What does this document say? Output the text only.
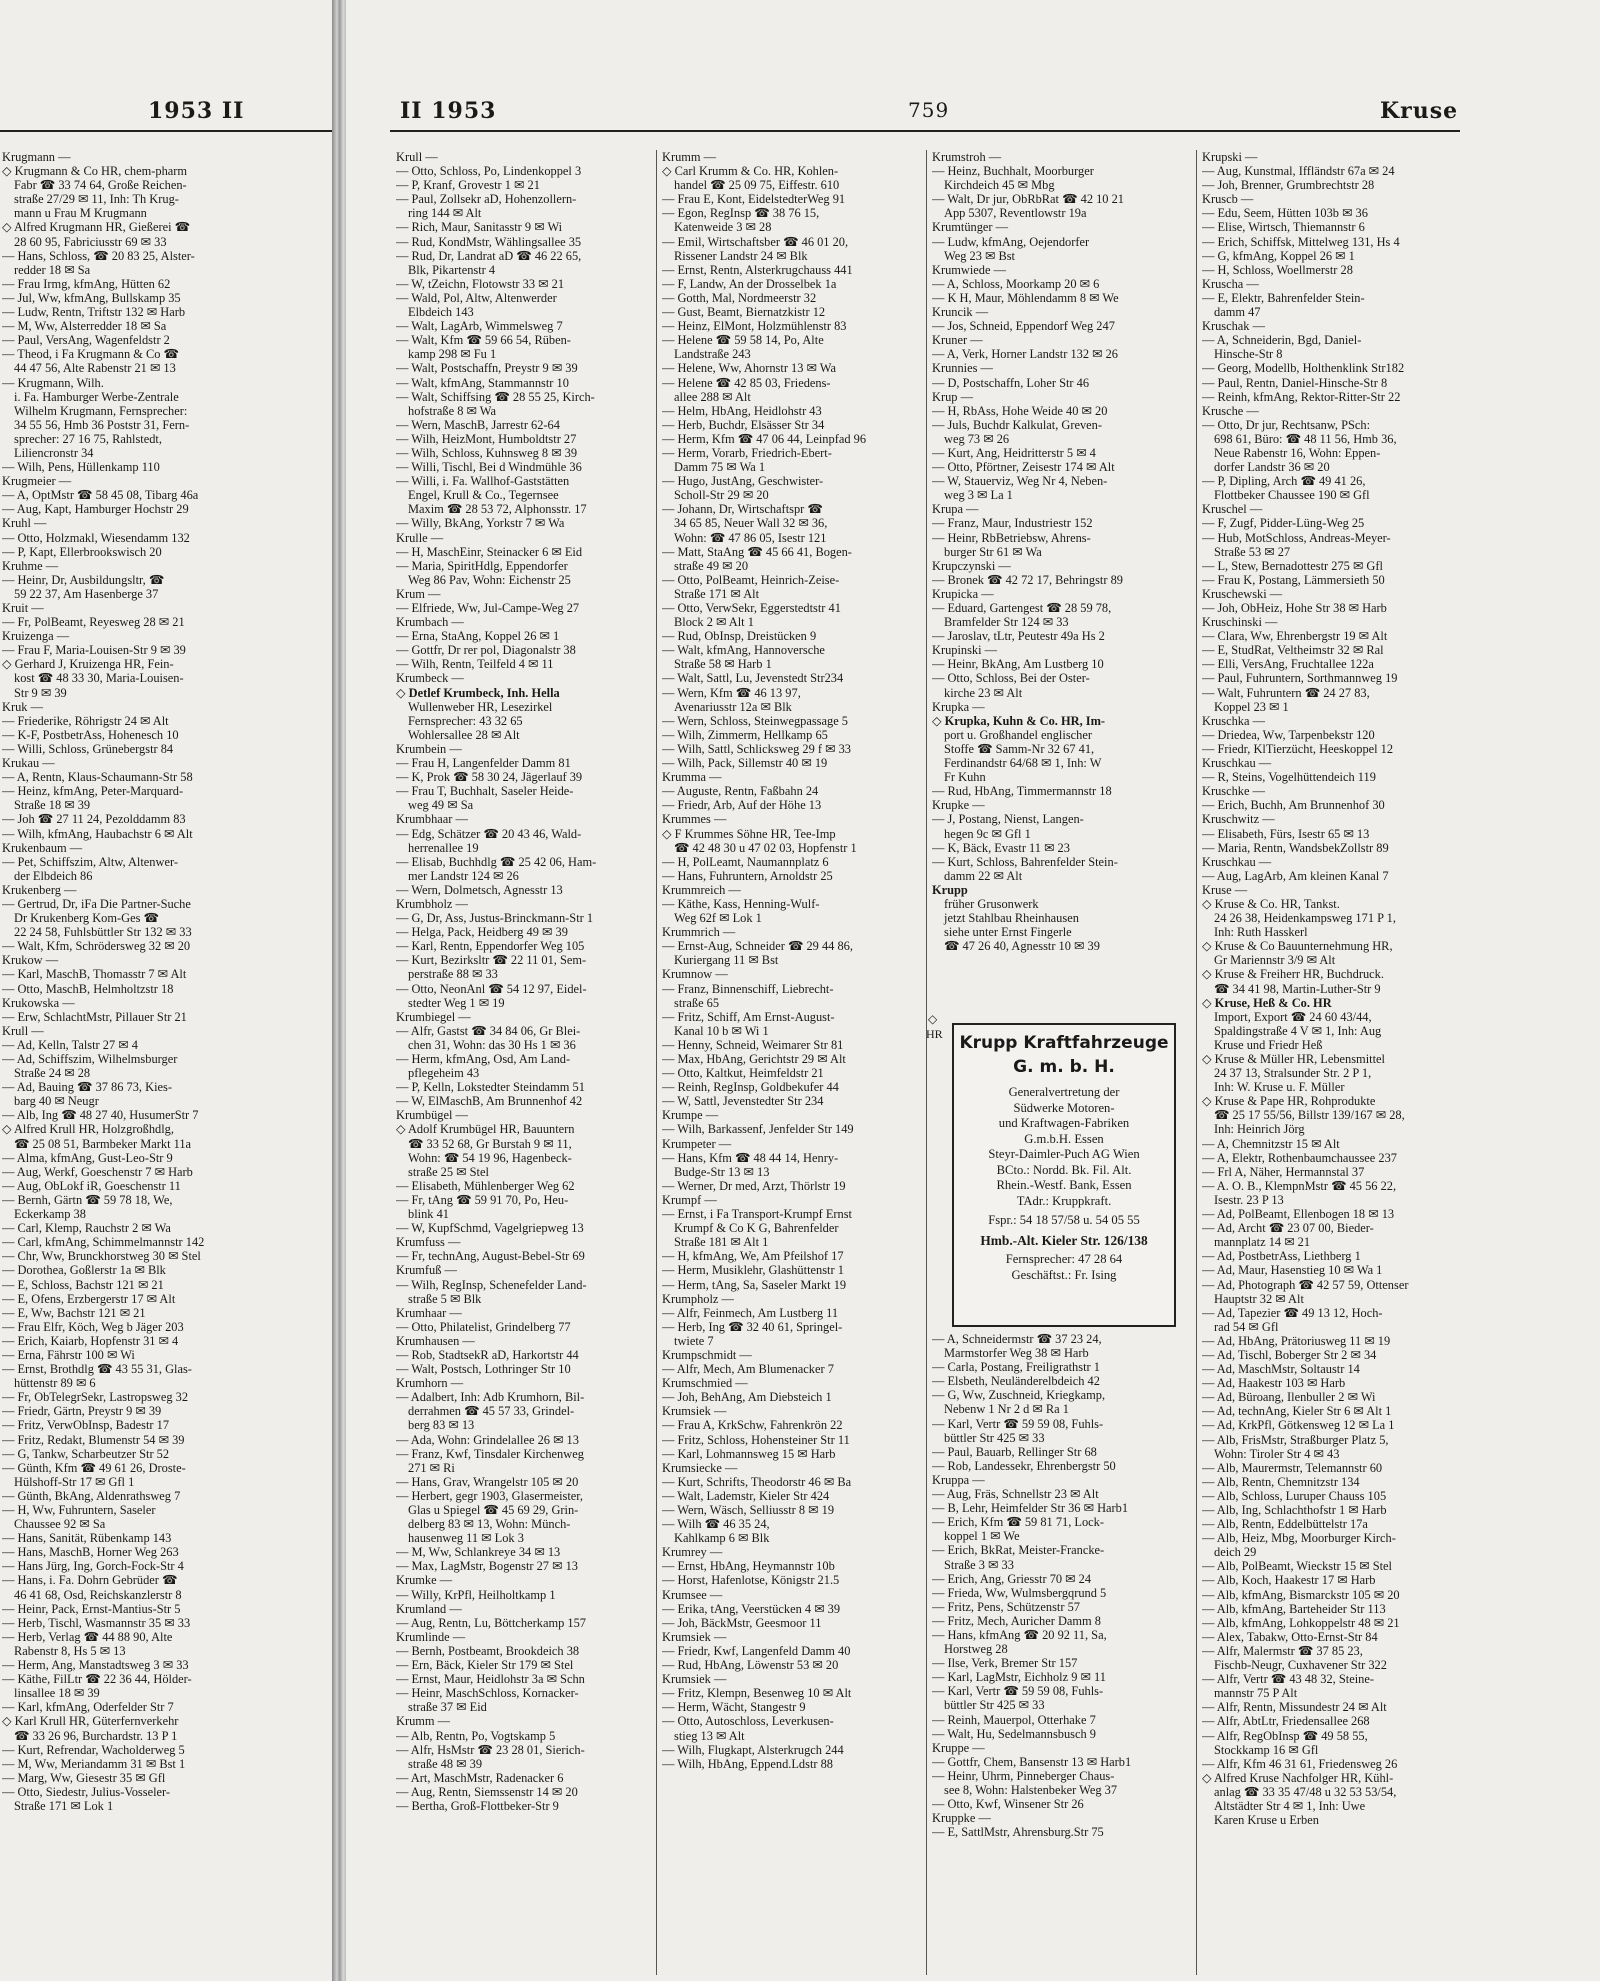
1953 II

Krugmann —

◇ Krugmann & Co HR, chem-pharm

Fabr ☎ 33 74 64, Große Reichen-

straße 27/29 ✉ 11, Inh: Th Krug-

mann u Frau M Krugmann

◇ Alfred Krugmann HR, Gießerei ☎

28 60 95, Fabriciusstr 69 ✉ 33

— Hans, Schloss, ☎ 20 83 25, Alster-

redder 18 ✉ Sa

— Frau Irmg, kfmAng, Hütten 62

— Jul, Ww, kfmAng, Bullskamp 35

— Ludw, Rentn, Triftstr 132 ✉ Harb

— M, Ww, Alsterredder 18 ✉ Sa

— Paul, VersAng, Wagenfeldstr 2

— Theod, i Fa Krugmann & Co ☎

44 47 56, Alte Rabenstr 21 ✉ 13

— Krugmann, Wilh.

i. Fa. Hamburger Werbe-Zentrale

Wilhelm Krugmann, Fernsprecher:

34 55 56, Hmb 36 Poststr 31, Fern-

sprecher: 27 16 75, Rahlstedt,

Liliencronstr 34

— Wilh, Pens, Hüllenkamp 110

Krugmeier —

— A, OptMstr ☎ 58 45 08, Tibarg 46a

— Aug, Kapt, Hamburger Hochstr 29

Kruhl —

— Otto, Holzmakl, Wiesendamm 132

— P, Kapt, Ellerbrookswisch 20

Kruhme —

— Heinr, Dr, Ausbildungsltr, ☎

59 22 37, Am Hasenberge 37

Kruit —

— Fr, PolBeamt, Reyesweg 28 ✉ 21

Kruizenga —

— Frau F, Maria-Louisen-Str 9 ✉ 39

◇ Gerhard J, Kruizenga HR, Fein-

kost ☎ 48 33 30, Maria-Louisen-

Str 9 ✉ 39

Kruk —

— Friederike, Röhrigstr 24 ✉ Alt

— K-F, PostbetrAss, Hohenesch 10

— Willi, Schloss, Grünebergstr 84

Krukau —

— A, Rentn, Klaus-Schaumann-Str 58

— Heinz, kfmAng, Peter-Marquard-

Straße 18 ✉ 39

— Joh ☎ 27 11 24, Pezolddamm 83

— Wilh, kfmAng, Haubachstr 6 ✉ Alt

Krukenbaum —

— Pet, Schiffszim, Altw, Altenwer-

der Elbdeich 86

Krukenberg —

— Gertrud, Dr, iFa Die Partner-Suche

Dr Krukenberg Kom-Ges ☎

22 24 58, Fuhlsbüttler Str 132 ✉ 33

— Walt, Kfm, Schrödersweg 32 ✉ 20

Krukow —

— Karl, MaschB, Thomasstr 7 ✉ Alt

— Otto, MaschB, Helmholtzstr 18

Krukowska —

— Erw, SchlachtMstr, Pillauer Str 21

Krull —

— Ad, Kelln, Talstr 27 ✉ 4

— Ad, Schiffszim, Wilhelmsburger

Straße 24 ✉ 28

— Ad, Bauing ☎ 37 86 73, Kies-

barg 40 ✉ Neugr

— Alb, Ing ☎ 48 27 40, HusumerStr 7

◇ Alfred Krull HR, Holzgroßhdlg,

☎ 25 08 51, Barmbeker Markt 11a

— Alma, kfmAng, Gust-Leo-Str 9

— Aug, Werkf, Goeschenstr 7 ✉ Harb

— Aug, ObLokf iR, Goeschenstr 11

— Bernh, Gärtn ☎ 59 78 18, We,

Eckerkamp 38

— Carl, Klemp, Rauchstr 2 ✉ Wa

— Carl, kfmAng, Schimmelmannstr 142

— Chr, Ww, Brunckhorstweg 30 ✉ Stel

— Dorothea, Goßlerstr 1a ✉ Blk

— E, Schloss, Bachstr 121 ✉ 21

— E, Ofens, Erzbergerstr 17 ✉ Alt

— E, Ww, Bachstr 121 ✉ 21

— Frau Elfr, Köch, Weg b Jäger 203

— Erich, Kaiarb, Hopfenstr 31 ✉ 4

— Erna, Fährstr 100 ✉ Wi

— Ernst, Brothdlg ☎ 43 55 31, Glas-

hüttenstr 89 ✉ 6

— Fr, ObTelegrSekr, Lastropsweg 32

— Friedr, Gärtn, Preystr 9 ✉ 39

— Fritz, VerwObInsp, Badestr 17

— Fritz, Redakt, Blumenstr 54 ✉ 39

— G, Tankw, Scharbeutzer Str 52

— Günth, Kfm ☎ 49 61 26, Droste-

Hülshoff-Str 17 ✉ Gfl 1

— Günth, BkAng, Aldenrathsweg 7

— H, Ww, Fuhruntern, Saseler

Chaussee 92 ✉ Sa

— Hans, Sanität, Rübenkamp 143

— Hans, MaschB, Horner Weg 263

— Hans Jürg, Ing, Gorch-Fock-Str 4

— Hans, i. Fa. Dohrn Gebrüder ☎

46 41 68, Osd, Reichskanzlerstr 8

— Heinr, Pack, Ernst-Mantius-Str 5

— Herb, Tischl, Wasmannstr 35 ✉ 33

— Herb, Verlag ☎ 44 88 90, Alte

Rabenstr 8, Hs 5 ✉ 13

— Herm, Ang, Manstadtsweg 3 ✉ 33

— Käthe, FilLtr ☎ 22 36 44, Hölder-

linsallee 18 ✉ 39

— Karl, kfmAng, Oderfelder Str 7

◇ Karl Krull HR, Güterfernverkehr

☎ 33 26 96, Burchardstr. 13 P 1

— Kurt, Refrendar, Wacholderweg 5

— M, Ww, Meriandamm 31 ✉ Bst 1

— Marg, Ww, Giesestr 35 ✉ Gfl

— Otto, Siedestr, Julius-Vosseler-

Straße 171 ✉ Lok 1

II 1953	759	Kruse

Krull —

— Otto, Schloss, Po, Lindenkoppel 3

— P, Kranf, Grovestr 1 ✉ 21

— Paul, Zollsekr aD, Hohenzollern-

ring 144 ✉ Alt

— Rich, Maur, Sanitasstr 9 ✉ Wi

— Rud, KondMstr, Wählingsallee 35

— Rud, Dr, Landrat aD ☎ 46 22 65,

Blk, Pikartenstr 4

— W, tZeichn, Flotowstr 33 ✉ 21

— Wald, Pol, Altw, Altenwerder

Elbdeich 143

— Walt, LagArb, Wimmelsweg 7

— Walt, Kfm ☎ 59 66 54, Rüben-

kamp 298 ✉ Fu 1

— Walt, Postschaffn, Preystr 9 ✉ 39

— Walt, kfmAng, Stammannstr 10

— Walt, Schiffsing ☎ 28 55 25, Kirch-

hofstraße 8 ✉ Wa

— Wern, MaschB, Jarrestr 62-64

— Wilh, HeizMont, Humboldtstr 27

— Wilh, Schloss, Kuhnsweg 8 ✉ 39

— Willi, Tischl, Bei d Windmühle 36

— Willi, i. Fa. Wallhof-Gaststätten

Engel, Krull & Co., Tegernsee

Maxim ☎ 28 53 72, Alphonsstr. 17

— Willy, BkAng, Yorkstr 7 ✉ Wa

Krulle —

— H, MaschEinr, Steinacker 6 ✉ Eid

— Maria, SpiritHdlg, Eppendorfer

Weg 86 Pav, Wohn: Eichenstr 25

Krum —

— Elfriede, Ww, Jul-Campe-Weg 27

Krumbach —

— Erna, StaAng, Koppel 26 ✉ 1

— Gottfr, Dr rer pol, Diagonalstr 38

— Wilh, Rentn, Teilfeld 4 ✉ 11

Krumbeck —

◇ Detlef Krumbeck, Inh. Hella

Wullenweber HR, Lesezirkel

Fernsprecher: 43 32 65

Wohlersallee 28 ✉ Alt

Krumbein —

— Frau H, Langenfelder Damm 81

— K, Prok ☎ 58 30 24, Jägerlauf 39

— Frau T, Buchhalt, Saseler Heide-

weg 49 ✉ Sa

Krumbhaar —

— Edg, Schätzer ☎ 20 43 46, Wald-

herrenallee 19

— Elisab, Buchhdlg ☎ 25 42 06, Ham-

mer Landstr 124 ✉ 26

— Wern, Dolmetsch, Agnesstr 13

Krumbholz —

— G, Dr, Ass, Justus-Brinckmann-Str 1

— Helga, Pack, Heidberg 49 ✉ 39

— Karl, Rentn, Eppendorfer Weg 105

— Kurt, Bezirksltr ☎ 22 11 01, Sem-

perstraße 88 ✉ 33

— Otto, NeonAnl ☎ 54 12 97, Eidel-

stedter Weg 1 ✉ 19

Krumbiegel —

— Alfr, Gastst ☎ 34 84 06, Gr Blei-

chen 31, Wohn: das 30 Hs 1 ✉ 36

— Herm, kfmAng, Osd, Am Land-

pflegeheim 43

— P, Kelln, Lokstedter Steindamm 51

— W, ElMaschB, Am Brunnenhof 42

Krumbügel —

◇ Adolf Krumbügel HR, Bauuntern

☎ 33 52 68, Gr Burstah 9 ✉ 11,

Wohn: ☎ 54 19 96, Hagenbeck-

straße 25 ✉ Stel

— Elisabeth, Mühlenberger Weg 62

— Fr, tAng ☎ 59 91 70, Po, Heu-

blink 41

— W, KupfSchmd, Vagelgriepweg 13

Krumfuss —

— Fr, technAng, August-Bebel-Str 69

Krumfuß —

— Wilh, RegInsp, Schenefelder Land-

straße 5 ✉ Blk

Krumhaar —

— Otto, Philatelist, Grindelberg 77

Krumhausen —

— Rob, StadtsekR aD, Harkortstr 44

— Walt, Postsch, Lothringer Str 10

Krumhorn —

— Adalbert, Inh: Adb Krumhorn, Bil-

derrahmen ☎ 45 57 33, Grindel-

berg 83 ✉ 13

— Ada, Wohn: Grindelallee 26 ✉ 13

— Franz, Kwf, Tinsdaler Kirchenweg

271 ✉ Ri

— Hans, Grav, Wrangelstr 105 ✉ 20

— Herbert, gegr 1903, Glasermeister,

Glas u Spiegel ☎ 45 69 29, Grin-

delberg 83 ✉ 13, Wohn: Münch-

hausenweg 11 ✉ Lok 3

— M, Ww, Schlankreye 34 ✉ 13

— Max, LagMstr, Bogenstr 27 ✉ 13

Krumke —

— Willy, KrPfl, Heilholtkamp 1

Krumland —

— Aug, Rentn, Lu, Böttcherkamp 157

Krumlinde —

— Bernh, Postbeamt, Brookdeich 38

— Ern, Bäck, Kieler Str 179 ✉ Stel

— Ernst, Maur, Heidlohstr 3a ✉ Schn

— Heinr, MaschSchloss, Kornacker-

straße 37 ✉ Eid

Krumm —

— Alb, Rentn, Po, Vogtskamp 5

— Alfr, HsMstr ☎ 23 28 01, Sierich-

straße 48 ✉ 39

— Art, MaschMstr, Radenacker 6

— Aug, Rentn, Siemssenstr 14 ✉ 20

— Bertha, Groß-Flottbeker-Str 9

Krumm —

◇ Carl Krumm & Co. HR, Kohlen-

handel ☎ 25 09 75, Eiffestr. 610

— Frau E, Kont, EidelstedterWeg 91

— Egon, RegInsp ☎ 38 76 15,

Katenweide 3 ✉ 28

— Emil, Wirtschaftsber ☎ 46 01 20,

Rissener Landstr 24 ✉ Blk

— Ernst, Rentn, Alsterkrugchauss 441

— F, Landw, An der Drosselbek 1a

— Gotth, Mal, Nordmeerstr 32

— Gust, Beamt, Biernatzkistr 12

— Heinz, ElMont, Holzmühlenstr 83

— Helene ☎ 59 58 14, Po, Alte

Landstraße 243

— Helene, Ww, Ahornstr 13 ✉ Wa

— Helene ☎ 42 85 03, Friedens-

allee 288 ✉ Alt

— Helm, HbAng, Heidlohstr 43

— Herb, Buchdr, Elsässer Str 34

— Herm, Kfm ☎ 47 06 44, Leinpfad 96

— Herm, Vorarb, Friedrich-Ebert-

Damm 75 ✉ Wa 1

— Hugo, JustAng, Geschwister-

Scholl-Str 29 ✉ 20

— Johann, Dr, Wirtschaftspr ☎

34 65 85, Neuer Wall 32 ✉ 36,

Wohn: ☎ 47 86 05, Isestr 121

— Matt, StaAng ☎ 45 66 41, Bogen-

straße 49 ✉ 20

— Otto, PolBeamt, Heinrich-Zeise-

Straße 171 ✉ Alt

— Otto, VerwSekr, Eggerstedtstr 41

Block 2 ✉ Alt 1

— Rud, ObInsp, Dreistücken 9

— Walt, kfmAng, Hannoversche

Straße 58 ✉ Harb 1

— Walt, Sattl, Lu, Jevenstedt Str234

— Wern, Kfm ☎ 46 13 97,

Avenariusstr 12a ✉ Blk

— Wern, Schloss, Steinwegpassage 5

— Wilh, Zimmerm, Hellkamp 65

— Wilh, Sattl, Schlicksweg 29 f ✉ 33

— Wilh, Pack, Sillemstr 40 ✉ 19

Krumma —

— Auguste, Rentn, Faßbahn 24

— Friedr, Arb, Auf der Höhe 13

Krummes —

◇ F Krummes Söhne HR, Tee-Imp

☎ 42 48 30 u 47 02 03, Hopfenstr 1

— H, PolLeamt, Naumannplatz 6

— Hans, Fuhruntern, Arnoldstr 25

Krummreich —

— Käthe, Kass, Henning-Wulf-

Weg 62f ✉ Lok 1

Krummrich —

— Ernst-Aug, Schneider ☎ 29 44 86,

Kuriergang 11 ✉ Bst

Krumnow —

— Franz, Binnenschiff, Liebrecht-

straße 65

— Fritz, Schiff, Am Ernst-August-

Kanal 10 b ✉ Wi 1

— Henny, Schneid, Weimarer Str 81

— Max, HbAng, Gerichtstr 29 ✉ Alt

— Otto, Kaltkut, Heimfeldstr 21

— Reinh, RegInsp, Goldbekufer 44

— W, Sattl, Jevenstedter Str 234

Krumpe —

— Wilh, Barkassenf, Jenfelder Str 149

Krumpeter —

— Hans, Kfm ☎ 48 44 14, Henry-

Budge-Str 13 ✉ 13

— Werner, Dr med, Arzt, Thörlstr 19

Krumpf —

— Ernst, i Fa Transport-Krumpf Ernst

Krumpf & Co K G, Bahrenfelder

Straße 181 ✉ Alt 1

— H, kfmAng, We, Am Pfeilshof 17

— Herm, Musiklehr, Glashüttenstr 1

— Herm, tAng, Sa, Saseler Markt 19

Krumpholz —

— Alfr, Feinmech, Am Lustberg 11

— Herb, Ing ☎ 32 40 61, Springel-

twiete 7

Krumpschmidt —

— Alfr, Mech, Am Blumenacker 7

Krumschmied —

— Joh, BehAng, Am Diebsteich 1

Krumsiek —

— Frau A, KrkSchw, Fahrenkrön 22

— Fritz, Schloss, Hohensteiner Str 11

— Karl, Lohmannsweg 15 ✉ Harb

Krumsiecke —

— Kurt, Schrifts, Theodorstr 46 ✉ Ba

— Walt, Lademstr, Kieler Str 424

— Wern, Wäsch, Selliusstr 8 ✉ 19

— Wilh ☎ 46 35 24,

Kahlkamp 6 ✉ Blk

Krumrey —

— Ernst, HbAng, Heymannstr 10b

— Horst, Hafenlotse, Königstr 21.5

Krumsee —

— Erika, tAng, Veerstücken 4 ✉ 39

— Joh, BäckMstr, Geesmoor 11

Krumsiek —

— Friedr, Kwf, Langenfeld Damm 40

— Rud, HbAng, Löwenstr 53 ✉ 20

Krumsiek —

— Fritz, Klempn, Besenweg 10 ✉ Alt

— Herm, Wächt, Stangestr 9

— Otto, Autoschloss, Leverkusen-

stieg 13 ✉ Alt

— Wilh, Flugkapt, Alsterkrugch 244

— Wilh, HbAng, Eppend.Ldstr 88

Krumstroh —

— Heinz, Buchhalt, Moorburger

Kirchdeich 45 ✉ Mbg

— Walt, Dr jur, ObRbRat ☎ 42 10 21

App 5307, Reventlowstr 19a

Krumtünger —

— Ludw, kfmAng, Oejendorfer

Weg 23 ✉ Bst

Krumwiede —

— A, Schloss, Moorkamp 20 ✉ 6

— K H, Maur, Möhlendamm 8 ✉ We

Kruncik —

— Jos, Schneid, Eppendorf Weg 247

Kruner —

— A, Verk, Horner Landstr 132 ✉ 26

Krunnies —

— D, Postschaffn, Loher Str 46

Krup —

— H, RbAss, Hohe Weide 40 ✉ 20

— Juls, Buchdr Kalkulat, Greven-

weg 73 ✉ 26

— Kurt, Ang, Heidritterstr 5 ✉ 4

— Otto, Pförtner, Zeisestr 174 ✉ Alt

— W, Stauerviz, Weg Nr 4, Neben-

weg 3 ✉ La 1

Krupa —

— Franz, Maur, Industriestr 152

— Heinr, RbBetriebsw, Ahrens-

burger Str 61 ✉ Wa

Krupczynski —

— Bronek ☎ 42 72 17, Behringstr 89

Krupicka —

— Eduard, Gartengest ☎ 28 59 78,

Bramfelder Str 124 ✉ 33

— Jaroslav, tLtr, Peutestr 49a Hs 2

Krupinski —

— Heinr, BkAng, Am Lustberg 10

— Otto, Schloss, Bei der Oster-

kirche 23 ✉ Alt

Krupka —

◇ Krupka, Kuhn & Co. HR, Im-

port u. Großhandel englischer

Stoffe ☎ Samm-Nr 32 67 41,

Ferdinandstr 64/68 ✉ 1, Inh: W

Fr Kuhn

— Rud, HbAng, Timmermannstr 18

Krupke —

— J, Postang, Nienst, Langen-

hegen 9c ✉ Gfl 1

— K, Bäck, Evastr 11 ✉ 23

— Kurt, Schloss, Bahrenfelder Stein-

damm 22 ✉ Alt

Krupp

früher Grusonwerk

jetzt Stahlbau Rheinhausen

siehe unter Ernst Fingerle

☎ 47 26 40, Agnesstr 10 ✉ 39

— A, Schneidermstr ☎ 37 23 24,

Marmstorfer Weg 38 ✉ Harb

— Carla, Postang, Freiligrathstr 1

— Elsbeth, Neuländerelbdeich 42

— G, Ww, Zuschneid, Kriegkamp,

Nebenw 1 Nr 2 d ✉ Ra 1

— Karl, Vertr ☎ 59 59 08, Fuhls-

büttler Str 425 ✉ 33

— Paul, Bauarb, Rellinger Str 68

— Rob, Landessekr, Ehrenbergstr 50

Kruppa —

— Aug, Fräs, Schnellstr 23 ✉ Alt

— B, Lehr, Heimfelder Str 36 ✉ Harb1

— Erich, Kfm ☎ 59 81 71, Lock-

koppel 1 ✉ We

— Erich, BkRat, Meister-Francke-

Straße 3 ✉ 33

— Erich, Ang, Griesstr 70 ✉ 24

— Frieda, Ww, Wulmsbergqrund 5

— Fritz, Pens, Schützenstr 57

— Fritz, Mech, Auricher Damm 8

— Hans, kfmAng ☎ 20 92 11, Sa,

Horstweg 28

— Ilse, Verk, Bremer Str 157

— Karl, LagMstr, Eichholz 9 ✉ 11

— Karl, Vertr ☎ 59 59 08, Fuhls-

büttler Str 425 ✉ 33

— Reinh, Mauerpol, Otterhake 7

— Walt, Hu, Sedelmannsbusch 9

Kruppe —

— Gottfr, Chem, Bansenstr 13 ✉ Harb1

— Heinr, Uhrm, Pinneberger Chaus-

see 8, Wohn: Halstenbeker Weg 37

— Otto, Kwf, Winsener Str 26

Kruppke —

— E, SattlMstr, Ahrensburg.Str 75

Krupski —

— Aug, Kunstmal, Iffländstr 67a ✉ 24

— Joh, Brenner, Grumbrechtstr 28

Kruscb —

— Edu, Seem, Hütten 103b ✉ 36

— Elise, Wirtsch, Thiemannstr 6

— Erich, Schiffsk, Mittelweg 131, Hs 4

— G, kfmAng, Koppel 26 ✉ 1

— H, Schloss, Woellmerstr 28

Kruscha —

— E, Elektr, Bahrenfelder Stein-

damm 47

Kruschak —

— A, Schneiderin, Bgd, Daniel-

Hinsche-Str 8

— Georg, Modellb, Holthenklink Str182

— Paul, Rentn, Daniel-Hinsche-Str 8

— Reinh, kfmAng, Rektor-Ritter-Str 22

Krusche —

— Otto, Dr jur, Rechtsanw, PSch:

698 61, Büro: ☎ 48 11 56, Hmb 36,

Neue Rabenstr 16, Wohn: Eppen-

dorfer Landstr 36 ✉ 20

— P, Dipling, Arch ☎ 49 41 26,

Flottbeker Chaussee 190 ✉ Gfl

Kruschel —

— F, Zugf, Pidder-Lüng-Weg 25

— Hub, MotSchloss, Andreas-Meyer-

Straße 53 ✉ 27

— L, Stew, Bernadottestr 275 ✉ Gfl

— Frau K, Postang, Lämmersieth 50

Kruschewski —

— Joh, ObHeiz, Hohe Str 38 ✉ Harb

Kruschinski —

— Clara, Ww, Ehrenbergstr 19 ✉ Alt

— E, StudRat, Veltheimstr 32 ✉ Ral

— Elli, VersAng, Fruchtallee 122a

— Paul, Fuhruntern, Sorthmannweg 19

— Walt, Fuhruntern ☎ 24 27 83,

Koppel 23 ✉ 1

Kruschka —

— Driedea, Ww, Tarpenbekstr 120

— Friedr, KlTierzücht, Heeskoppel 12

Kruschkau —

— R, Steins, Vogelhüttendeich 119

Kruschke —

— Erich, Buchh, Am Brunnenhof 30

Kruschwitz —

— Elisabeth, Fürs, Isestr 65 ✉ 13

— Maria, Rentn, WandsbekZollstr 89

Kruschkau —

— Aug, LagArb, Am kleinen Kanal 7

Kruse —

◇ Kruse & Co. HR, Tankst.

24 26 38, Heidenkampsweg 171 P 1,

Inh: Ruth Hasskerl

◇ Kruse & Co Bauunternehmung HR,

Gr Mariennstr 3/9 ✉ Alt

◇ Kruse & Freiherr HR, Buchdruck.

☎ 34 41 98, Martin-Luther-Str 9

◇ Kruse, Heß & Co. HR

Import, Export ☎ 24 60 43/44,

Spaldingstraße 4 V ✉ 1, Inh: Aug

Kruse und Friedr Heß

◇ Kruse & Müller HR, Lebensmittel

24 37 13, Stralsunder Str. 2 P 1,

Inh: W. Kruse u. F. Müller

◇ Kruse & Pape HR, Rohprodukte

☎ 25 17 55/56, Billstr 139/167 ✉ 28,

Inh: Heinrich Jörg

— A, Chemnitzstr 15 ✉ Alt

— A, Elektr, Rothenbaumchaussee 237

— Frl A, Näher, Hermannstal 37

— A. O. B., KlempnMstr ☎ 45 56 22,

Isestr. 23 P 13

— Ad, PolBeamt, Ellenbogen 18 ✉ 13

— Ad, Archt ☎ 23 07 00, Bieder-

mannplatz 14 ✉ 21

— Ad, PostbetrAss, Liethberg 1

— Ad, Maur, Hasenstieg 10 ✉ Wa 1

— Ad, Photograph ☎ 42 57 59, Ottenser

Hauptstr 32 ✉ Alt

— Ad, Tapezier ☎ 49 13 12, Hoch-

rad 54 ✉ Gfl

— Ad, HbAng, Prätoriusweg 11 ✉ 19

— Ad, Tischl, Boberger Str 2 ✉ 34

— Ad, MaschMstr, Soltaustr 14

— Ad, Haakestr 103 ✉ Harb

— Ad, Büroang, Ilenbuller 2 ✉ Wi

— Ad, technAng, Kieler Str 6 ✉ Alt 1

— Ad, KrkPfl, Götkensweg 12 ✉ La 1

— Alb, FrisMstr, Straßburger Platz 5,

Wohn: Tiroler Str 4 ✉ 43

— Alb, Maurermstr, Telemannstr 60

— Alb, Rentn, Chemnitzstr 134

— Alb, Schloss, Luruper Chauss 105

— Alb, Ing, Schlachthofstr 1 ✉ Harb

— Alb, Rentn, Eddelbüttelstr 17a

— Alb, Heiz, Mbg, Moorburger Kirch-

deich 29

— Alb, PolBeamt, Wieckstr 15 ✉ Stel

— Alb, Koch, Haakestr 17 ✉ Harb

— Alb, kfmAng, Bismarckstr 105 ✉ 20

— Alb, kfmAng, Barteheider Str 113

— Alb, kfmAng, Lohkoppelstr 48 ✉ 21

— Alex, Tabakw, Otto-Ernst-Str 84

— Alfr, Malermstr ☎ 37 85 23,

Fischb-Neugr, Cuxhavener Str 322

— Alfr, Vertr ☎ 43 48 32, Steine-

mannstr 75 P Alt

— Alfr, Rentn, Missundestr 24 ✉ Alt

— Alfr, AbtLtr, Friedensallee 268

— Alfr, RegObInsp ☎ 49 58 55,

Stockkamp 16 ✉ Gfl

— Alfr, Kfm 46 31 61, Friedensweg 26

◇ Alfred Kruse Nachfolger HR, Kühl-

anlag ☎ 33 35 47/48 u 32 53 53/54,

Altstädter Str 4 ✉ 1, Inh: Uwe

Karen Kruse u Erben

◇
HR Krupp Kraftfahrzeuge
G. m. b. H.
Generalvertretung der
Südwerke Motoren-
und Kraftwagen-Fabriken
G.m.b.H. Essen
Steyr-Daimler-Puch AG Wien
BCto.: Nordd. Bk. Fil. Alt.
Rhein.-Westf. Bank, Essen
TAdr.: Kruppkraft.
Fspr.: 54 18 57/58 u. 54 05 55
Hmb.-Alt. Kieler Str. 126/138
Fernsprecher: 47 28 64
Geschäftst.: Fr. Ising
